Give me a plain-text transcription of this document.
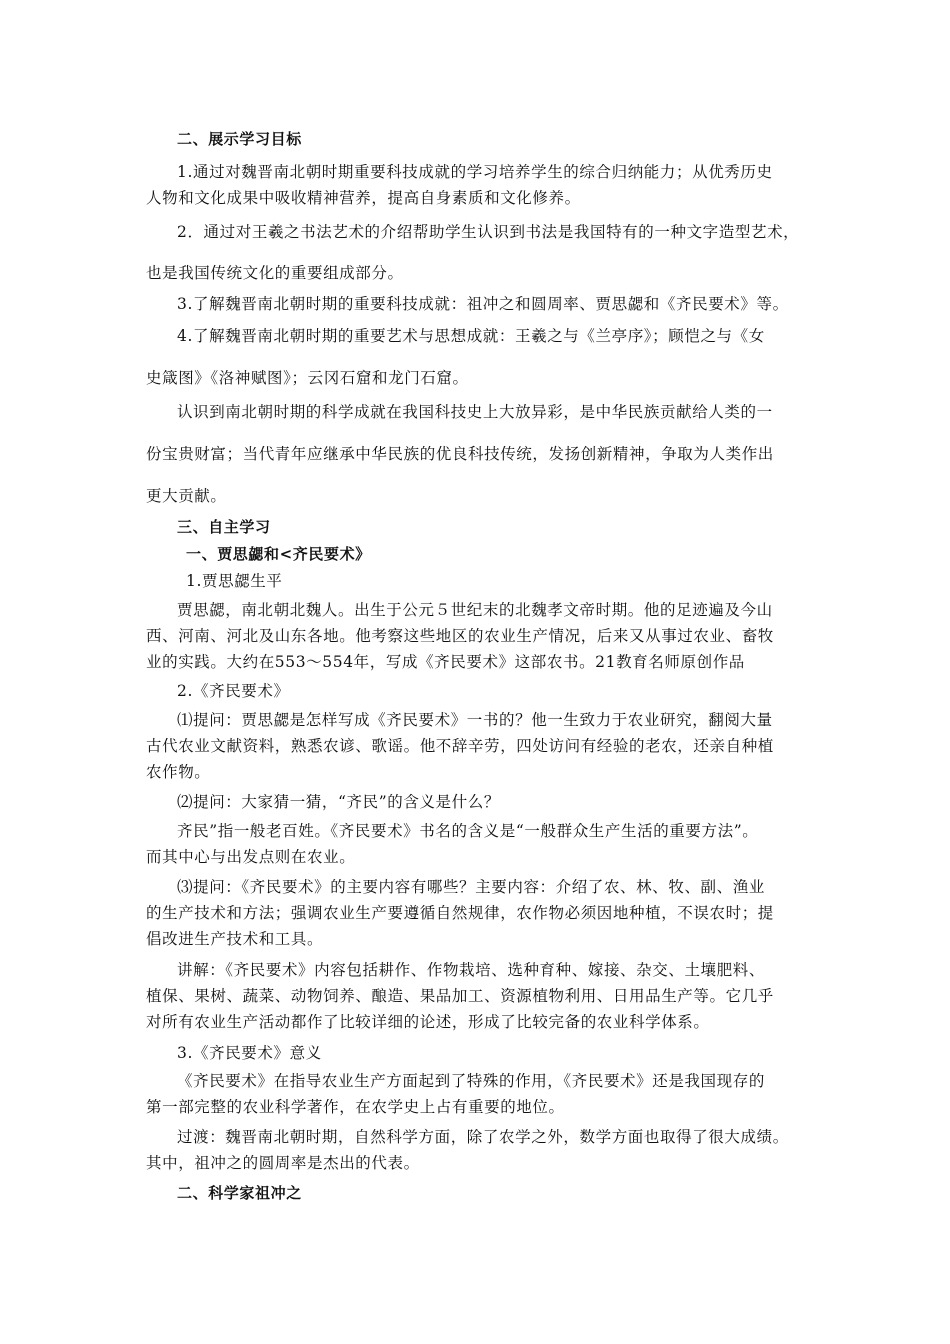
二、展示学习目标
1.通过对魏晋南北朝时期重要科技成就的学习培养学生的综合归纳能力；从优秀历史
人物和文化成果中吸收精神营养，提高自身素质和文化修养。
2．通过对王羲之书法艺术的介绍帮助学生认识到书法是我国特有的一种文字造型艺术，
也是我国传统文化的重要组成部分。
3.了解魏晋南北朝时期的重要科技成就：祖冲之和圆周率、贾思勰和《齐民要术》等。
4.了解魏晋南北朝时期的重要艺术与思想成就：王羲之与《兰亭序》；顾恺之与《女
史箴图》《洛神赋图》；云冈石窟和龙门石窟。
认识到南北朝时期的科学成就在我国科技史上大放异彩，是中华民族贡献给人类的一
份宝贵财富；当代青年应继承中华民族的优良科技传统，发扬创新精神，争取为人类作出
更大贡献。
三、自主学习
一、贾思勰和<齐民要术》
1.贾思勰生平
贾思勰，南北朝北魏人。出生于公元５世纪末的北魏孝文帝时期。他的足迹遍及今山
西、河南、河北及山东各地。他考察这些地区的农业生产情况，后来又从事过农业、畜牧
业的实践。大约在553～554年，写成《齐民要术》这部农书。21教育名师原创作品
2.《齐民要术》
⑴提问：贾思勰是怎样写成《齐民要术》一书的？他一生致力于农业研究，翻阅大量
古代农业文献资料，熟悉农谚、歌谣。他不辞辛劳，四处访问有经验的老农，还亲自种植
农作物。
⑵提问：大家猜一猜，“齐民”的含义是什么？
齐民”指一般老百姓。《齐民要术》书名的含义是“一般群众生产生活的重要方法”。
而其中心与出发点则在农业。
⑶提问：《齐民要术》的主要内容有哪些？主要内容：介绍了农、林、牧、副、渔业
的生产技术和方法；强调农业生产要遵循自然规律，农作物必须因地种植，不误农时；提
倡改进生产技术和工具。
讲解：《齐民要术》内容包括耕作、作物栽培、选种育种、嫁接、杂交、土壤肥料、
植保、果树、蔬菜、动物饲养、酿造、果品加工、资源植物利用、日用品生产等。它几乎
对所有农业生产活动都作了比较详细的论述，形成了比较完备的农业科学体系。
3.《齐民要术》意义
《齐民要术》在指导农业生产方面起到了特殊的作用，《齐民要术》还是我国现存的
第一部完整的农业科学著作，在农学史上占有重要的地位。
过渡：魏晋南北朝时期，自然科学方面，除了农学之外，数学方面也取得了很大成绩。
其中，祖冲之的圆周率是杰出的代表。
二、科学家祖冲之
